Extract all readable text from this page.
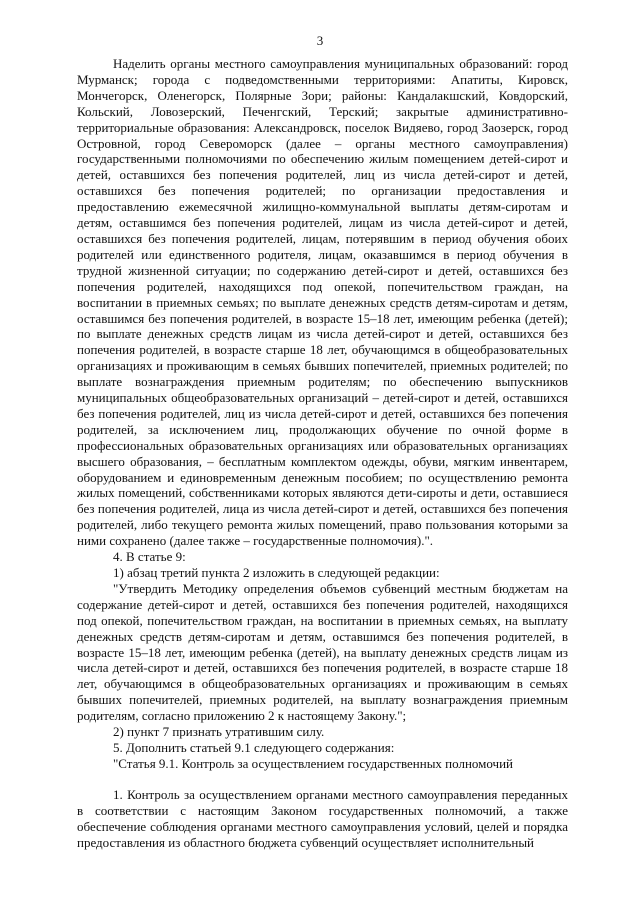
3

Наделить органы местного самоуправления муниципальных образований: город Мурманск; города с подведомственными территориями: Апатиты, Кировск, Мончегорск, Оленегорск, Полярные Зори; районы: Кандалакшский, Ковдорский, Кольский, Ловозерский, Печенгский, Терский; закрытые административно-территориальные образования: Александровск, поселок Видяево, город Заозерск, город Островной, город Североморск (далее – органы местного самоуправления) государственными полномочиями по обеспечению жилым помещением детей-сирот и детей, оставшихся без попечения родителей, лиц из числа детей-сирот и детей, оставшихся без попечения родителей; по организации предоставления и предоставлению ежемесячной жилищно-коммунальной выплаты детям-сиротам и детям, оставшимся без попечения родителей, лицам из числа детей-сирот и детей, оставшихся без попечения родителей, лицам, потерявшим в период обучения обоих родителей или единственного родителя, лицам, оказавшимся в период обучения в трудной жизненной ситуации; по содержанию детей-сирот и детей, оставшихся без попечения родителей, находящихся под опекой, попечительством граждан, на воспитании в приемных семьях; по выплате денежных средств детям-сиротам и детям, оставшимся без попечения родителей, в возрасте 15–18 лет, имеющим ребенка (детей); по выплате денежных средств лицам из числа детей-сирот и детей, оставшихся без попечения родителей, в возрасте старше 18 лет, обучающимся в общеобразовательных организациях и проживающим в семьях бывших попечителей, приемных родителей; по выплате вознаграждения приемным родителям; по обеспечению выпускников муниципальных общеобразовательных организаций – детей-сирот и детей, оставшихся без попечения родителей, лиц из числа детей-сирот и детей, оставшихся без попечения родителей, за исключением лиц, продолжающих обучение по очной форме в профессиональных образовательных организациях или образовательных организациях высшего образования, – бесплатным комплектом одежды, обуви, мягким инвентарем, оборудованием и единовременным денежным пособием; по осуществлению ремонта жилых помещений, собственниками которых являются дети-сироты и дети, оставшиеся без попечения родителей, лица из числа детей-сирот и детей, оставшихся без попечения родителей, либо текущего ремонта жилых помещений, право пользования которыми за ними сохранено (далее также – государственные полномочия).".

4. В статье 9:

1) абзац третий пункта 2 изложить в следующей редакции:

"Утвердить Методику определения объемов субвенций местным бюджетам на содержание детей-сирот и детей, оставшихся без попечения родителей, находящихся под опекой, попечительством граждан, на воспитании в приемных семьях, на выплату денежных средств детям-сиротам и детям, оставшимся без попечения родителей, в возрасте 15–18 лет, имеющим ребенка (детей), на выплату денежных средств лицам из числа детей-сирот и детей, оставшихся без попечения родителей, в возрасте старше 18 лет, обучающимся в общеобразовательных организациях и проживающим в семьях бывших попечителей, приемных родителей, на выплату вознаграждения приемным родителям, согласно приложению 2 к настоящему Закону.";

2) пункт 7 признать утратившим силу.

5. Дополнить статьей 9.1 следующего содержания:

"Статья 9.1. Контроль за осуществлением государственных полномочий

1. Контроль за осуществлением органами местного самоуправления переданных в соответствии с настоящим Законом государственных полномочий, а также обеспечение соблюдения органами местного самоуправления условий, целей и порядка предоставления из областного бюджета субвенций осуществляет исполнительный
